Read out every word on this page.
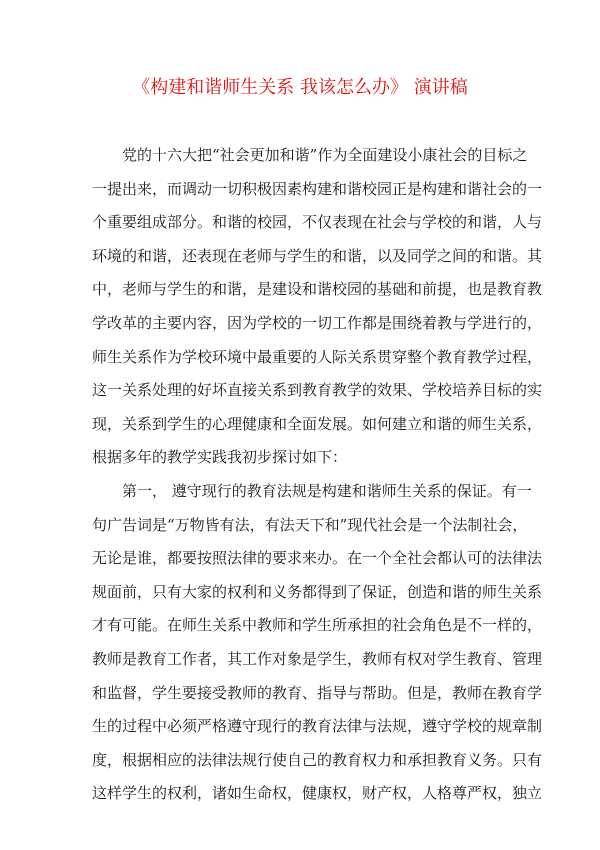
《构建和谐师生关系 我该怎么办》 演讲稿
　　党的十六大把“社会更加和谐”作为全面建设小康社会的目标之
一提出来，而调动一切积极因素构建和谐校园正是构建和谐社会的一
个重要组成部分。和谐的校园，不仅表现在社会与学校的和谐，人与
环境的和谐，还表现在老师与学生的和谐，以及同学之间的和谐。其
中，老师与学生的和谐，是建设和谐校园的基础和前提，也是教育教
学改革的主要内容，因为学校的一切工作都是围绕着教与学进行的，
师生关系作为学校环境中最重要的人际关系贯穿整个教育教学过程，
这一关系处理的好坏直接关系到教育教学的效果、学校培养目标的实
现，关系到学生的心理健康和全面发展。如何建立和谐的师生关系，
根据多年的教学实践我初步探讨如下：
　　第一， 遵守现行的教育法规是构建和谐师生关系的保证。有一
句广告词是“万物皆有法，有法天下和”现代社会是一个法制社会，
无论是谁，都要按照法律的要求来办。在一个全社会都认可的法律法
规面前，只有大家的权利和义务都得到了保证，创造和谐的师生关系
才有可能。在师生关系中教师和学生所承担的社会角色是不一样的，
教师是教育工作者，其工作对象是学生，教师有权对学生教育、管理
和监督，学生要接受教师的教育、指导与帮助。但是，教师在教育学
生的过程中必须严格遵守现行的教育法律与法规，遵守学校的规章制
度，根据相应的法律法规行使自己的教育权力和承担教育义务。只有
这样学生的权利，诸如生命权，健康权，财产权，人格尊严权，独立
